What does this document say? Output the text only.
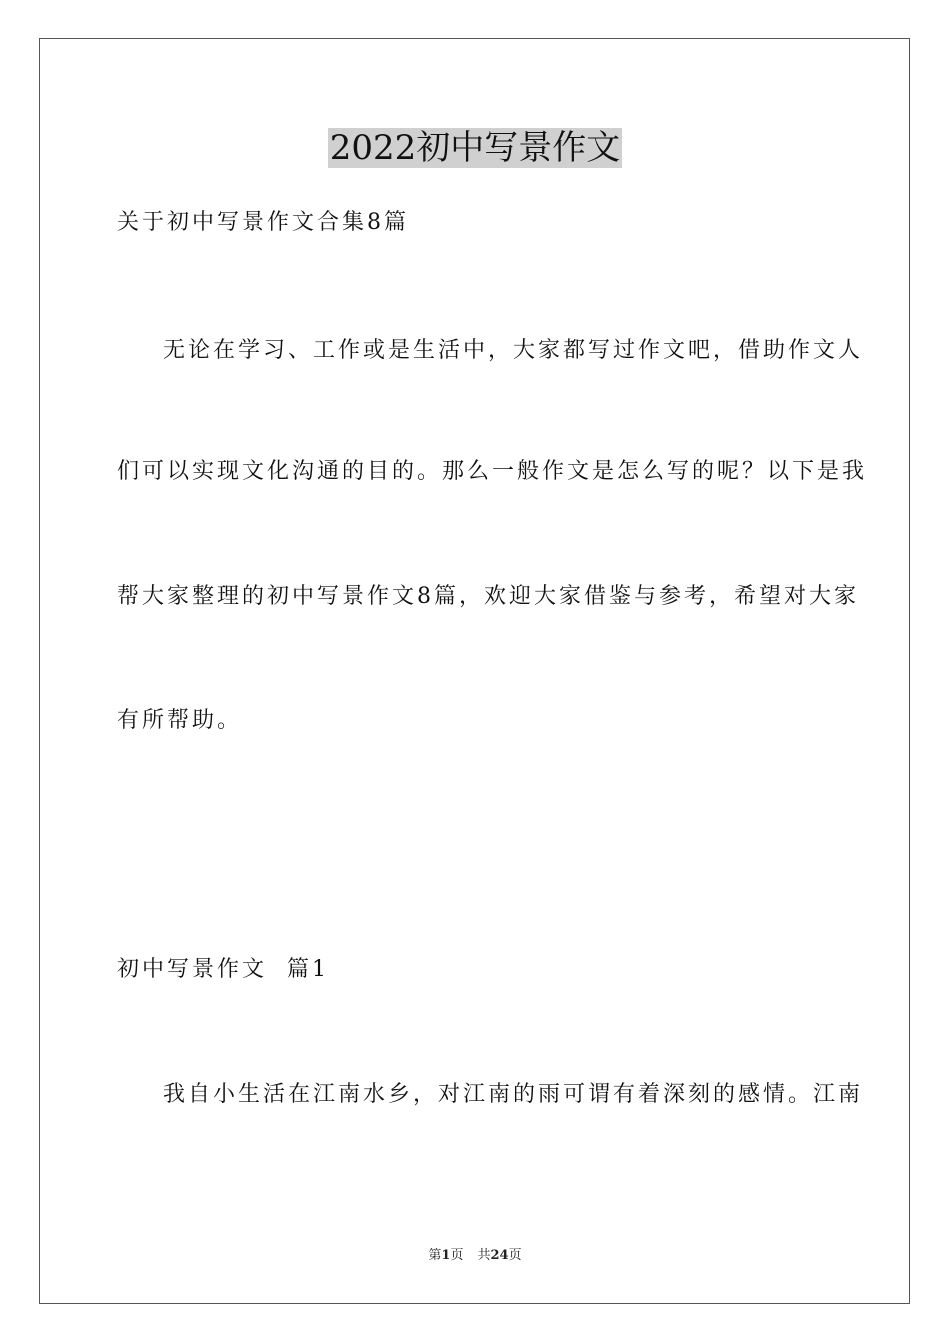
2022初中写景作文
关于初中写景作文合集8篇
无论在学习、工作或是生活中，大家都写过作文吧，借助作文人
们可以实现文化沟通的目的。那么一般作文是怎么写的呢？以下是我
帮大家整理的初中写景作文8篇，欢迎大家借鉴与参考，希望对大家
有所帮助。
初中写景作文  篇1
我自小生活在江南水乡，对江南的雨可谓有着深刻的感情。江南
第1页 共24页
